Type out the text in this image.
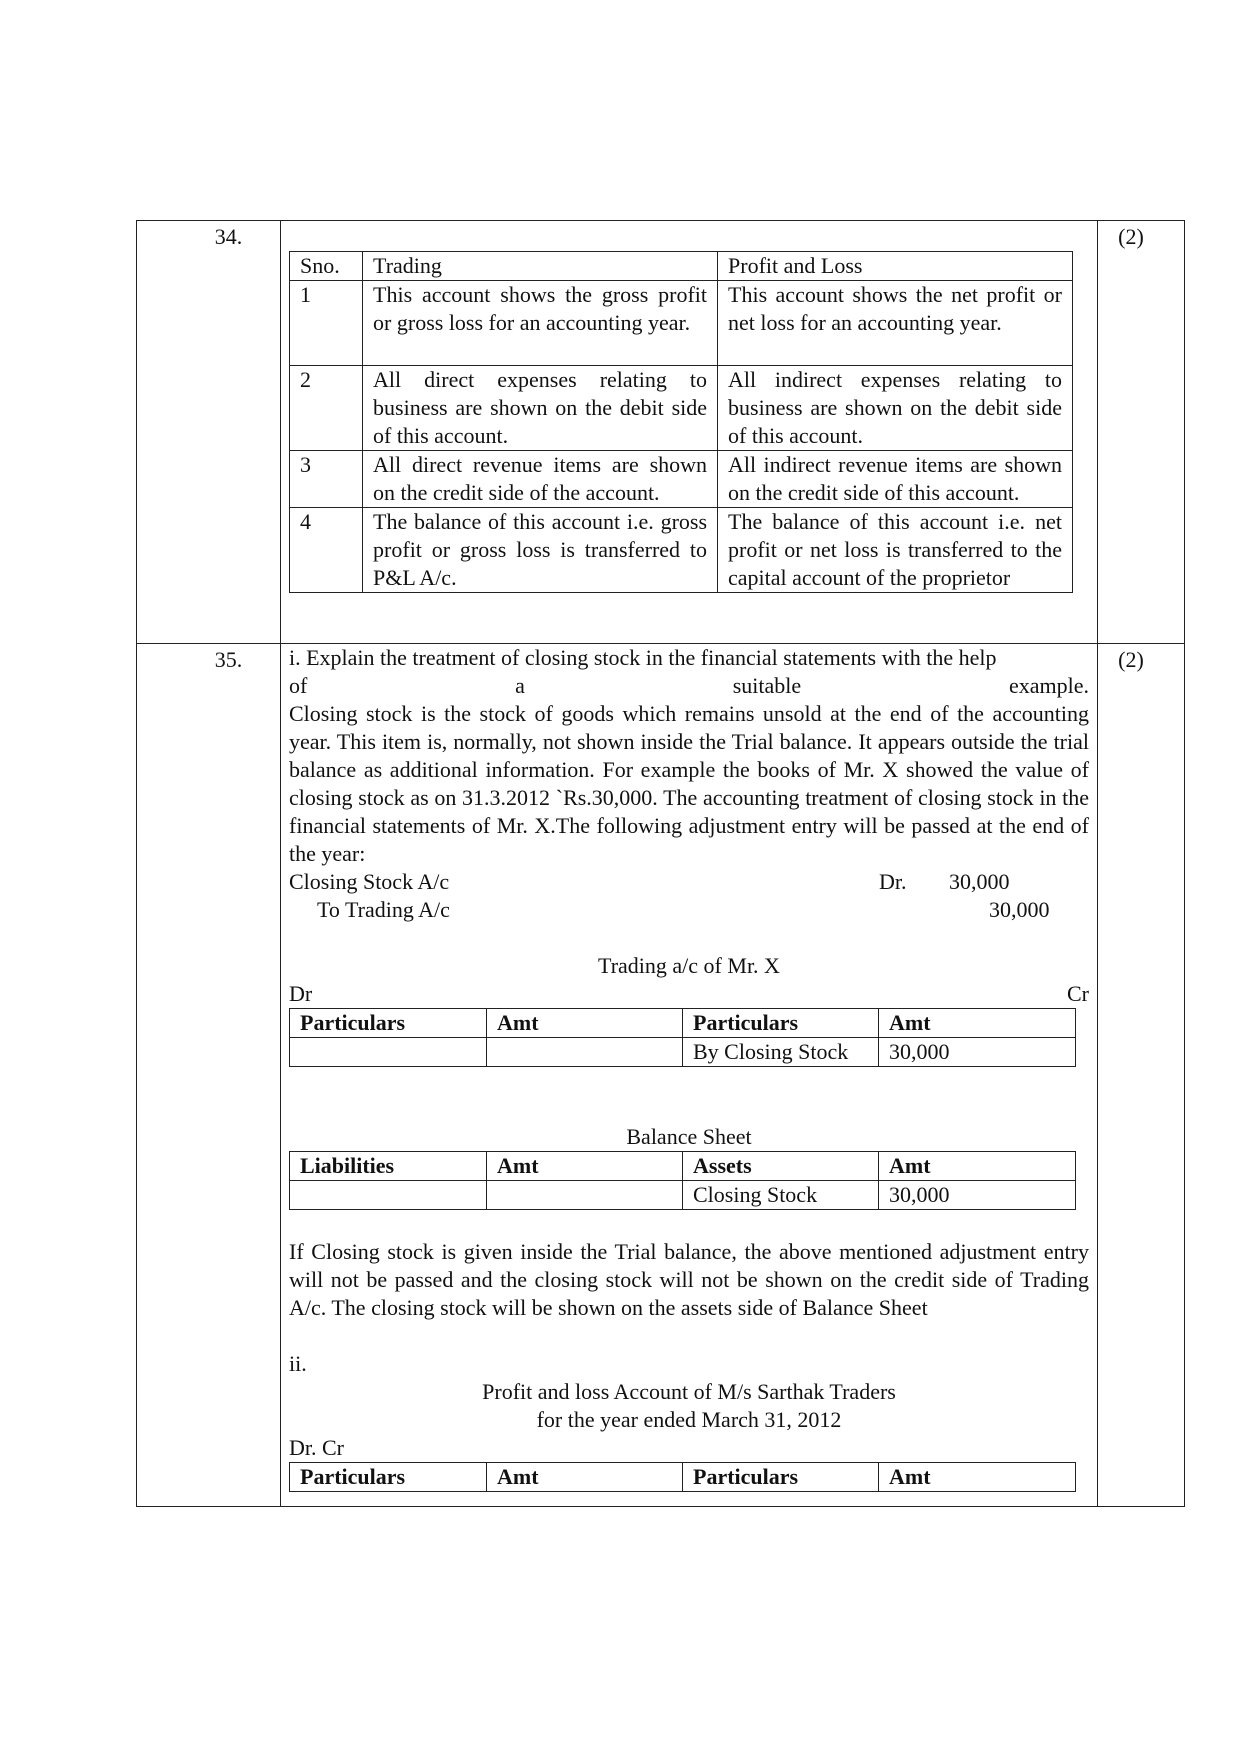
34.	
Sno.	Trading	Profit and Loss
1	This account shows the gross profit or gross loss for an accounting year.	This account shows the net profit or net loss for an accounting year.
2	All direct expenses relating to business are shown on the debit side of this account.	All indirect expenses relating to business are shown on the debit side of this account.
3	All direct revenue items are shown on the credit side of the account.	All indirect revenue items are shown on the credit side of this account.
4	The balance of this account i.e. gross profit or gross loss is transferred to P&L A/c.	The balance of this account i.e. net profit or net loss is transferred to the capital account of the proprietor
	(2)
35.	i. Explain the treatment of closing stock in the financial statements with the help

of	a	suitable	example.

Closing stock is the stock of goods which remains unsold at the end of the accounting year. This item is, normally, not shown inside the Trial balance. It appears outside the trial balance as additional information. For example the books of Mr. X showed the value of closing stock as on 31.3.2012 `Rs.30,000. The accounting treatment of closing stock in the financial statements of Mr. X.The following adjustment entry will be passed at the end of the year:

Closing Stock A/c	Dr. 30,000
To Trading A/c	30,000
Trading a/c of Mr. X
Dr	Cr
Particulars	Amt	Particulars	Amt
		By Closing Stock	30,000
Balance Sheet
Liabilities	Amt	Assets	Amt
		Closing Stock	30,000

If Closing stock is given inside the Trial balance, the above mentioned adjustment entry will not be passed and the closing stock will not be shown on the credit side of Trading A/c. The closing stock will be shown on the assets side of Balance Sheet

ii.
Profit and loss Account of M/s Sarthak Traders
for the year ended March 31, 2012
Dr. Cr
Particulars	Amt	Particulars	Amt
	(2)
